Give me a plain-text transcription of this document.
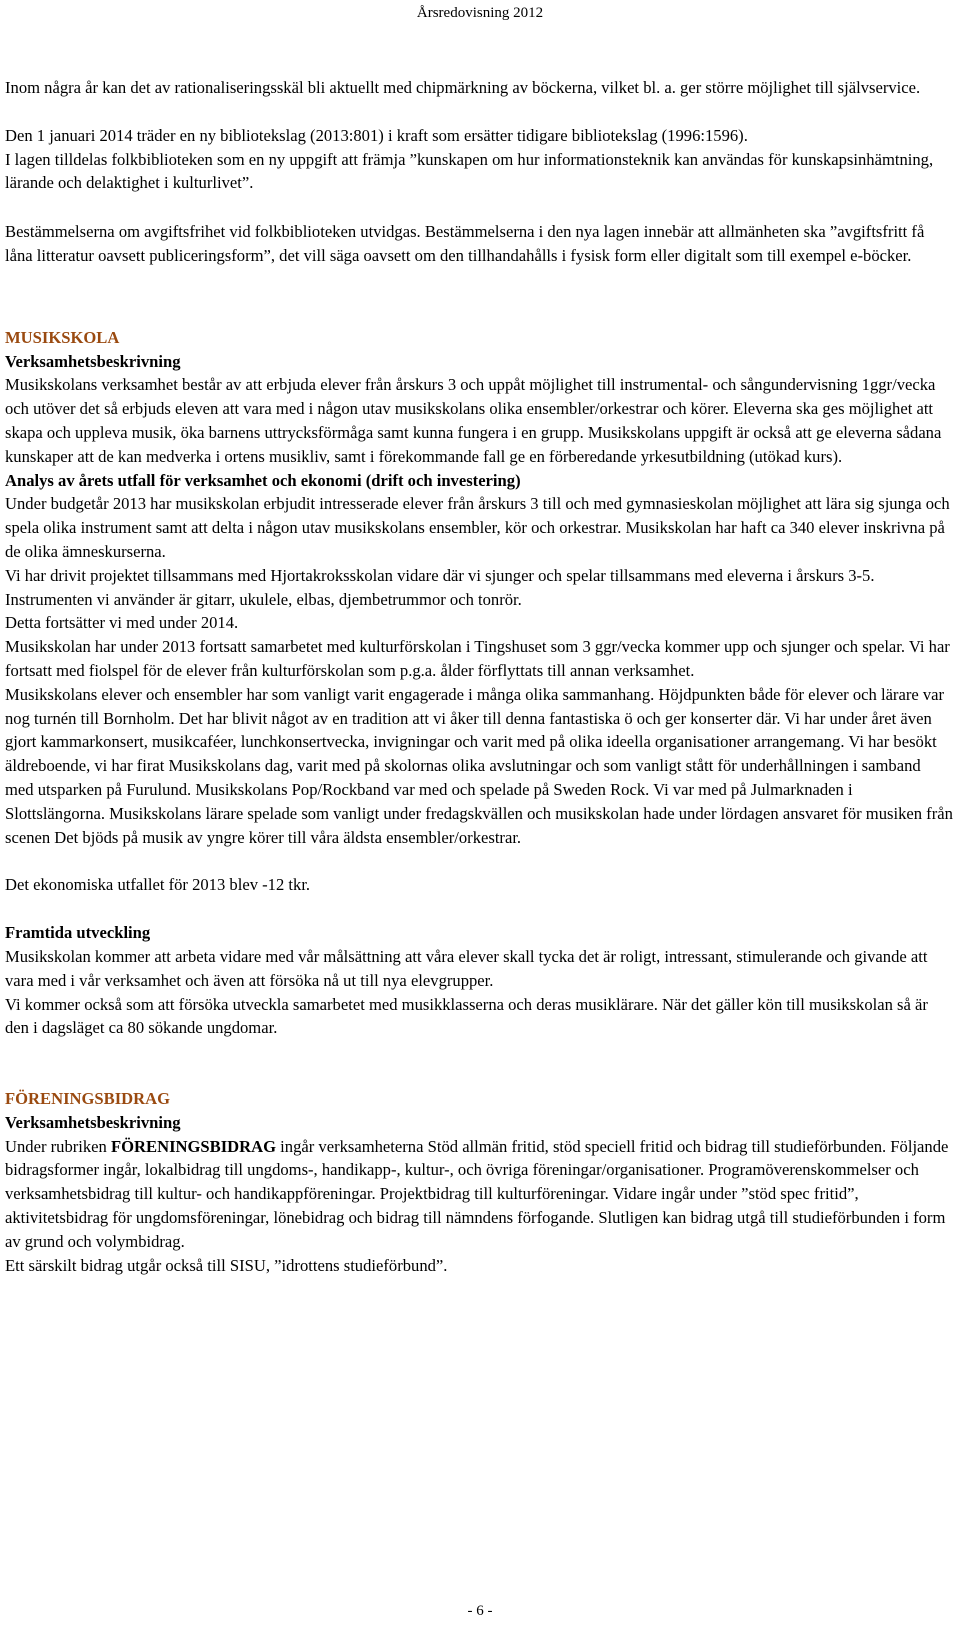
Årsredovisning 2012

Inom några år kan det av rationaliseringsskäl bli aktuellt med chipmärkning av böckerna, vilket bl. a. ger större möjlighet till självservice.

Den 1 januari 2014 träder en ny bibliotekslag (2013:801) i kraft som ersätter tidigare bibliotekslag (1996:1596).

I lagen tilldelas folkbiblioteken som en ny uppgift att främja ”kunskapen om hur informationsteknik kan användas för kunskapsinhämtning, lärande och delaktighet i kulturlivet”.

Bestämmelserna om avgiftsfrihet vid folkbiblioteken utvidgas. Bestämmelserna i den nya lagen innebär att allmänheten ska ”avgiftsfritt få låna litteratur oavsett publiceringsform”, det vill säga oavsett om den tillhandahålls i fysisk form eller digitalt som till exempel e-böcker.

MUSIKSKOLA

Verksamhetsbeskrivning

Musikskolans verksamhet består av att erbjuda elever från årskurs 3 och uppåt möjlighet till instrumental- och sångundervisning 1ggr/vecka och utöver det så erbjuds eleven att vara med i någon utav musikskolans olika ensembler/orkestrar och körer. Eleverna ska ges möjlighet att skapa och uppleva musik, öka barnens uttrycksförmåga samt kunna fungera i en grupp. Musikskolans uppgift är också att ge eleverna sådana kunskaper att de kan medverka i ortens musikliv, samt i förekommande fall ge en förberedande yrkesutbildning (utökad kurs).

Analys av årets utfall för verksamhet och ekonomi (drift och investering)

Under budgetår 2013 har musikskolan erbjudit intresserade elever från årskurs 3 till och med gymnasieskolan möjlighet att lära sig sjunga och spela olika instrument samt att delta i någon utav musikskolans ensembler, kör och orkestrar. Musikskolan har haft ca 340 elever inskrivna på de olika ämneskurserna.

Vi har drivit projektet tillsammans med Hjortakroksskolan vidare där vi sjunger och spelar tillsammans med eleverna i årskurs 3-5. Instrumenten vi använder är gitarr, ukulele, elbas, djembetrummor och tonrör.

Detta fortsätter vi med under 2014.

Musikskolan har under 2013 fortsatt samarbetet med kulturförskolan i Tingshuset som 3 ggr/vecka kommer upp och sjunger och spelar. Vi har fortsatt med fiolspel för de elever från kulturförskolan som p.g.a. ålder förflyttats till annan verksamhet.

Musikskolans elever och ensembler har som vanligt varit engagerade i många olika sammanhang. Höjdpunkten både för elever och lärare var nog turnén till Bornholm. Det har blivit något av en tradition att vi åker till denna fantastiska ö och ger konserter där. Vi har under året även gjort kammarkonsert, musikcaféer, lunchkonsertvecka, invigningar och varit med på olika ideella organisationer arrangemang. Vi har besökt äldreboende, vi har firat Musikskolans dag, varit med på skolornas olika avslutningar och som vanligt stått för underhållningen i samband med utsparken på Furulund. Musikskolans Pop/Rockband var med och spelade på Sweden Rock. Vi var med på Julmarknaden i Slottslängorna. Musikskolans lärare spelade som vanligt under fredagskvällen och musikskolan hade under lördagen ansvaret för musiken från scenen Det bjöds på musik av yngre körer till våra äldsta ensembler/orkestrar.

Det ekonomiska utfallet för 2013 blev -12 tkr.

Framtida utveckling

Musikskolan kommer att arbeta vidare med vår målsättning att våra elever skall tycka det är roligt, intressant, stimulerande och givande att vara med i vår verksamhet och även att försöka nå ut till nya elevgrupper.

Vi kommer också som att försöka utveckla samarbetet med musikklasserna och deras musiklärare. När det gäller kön till musikskolan så är den i dagsläget ca 80 sökande ungdomar.

FÖRENINGSBIDRAG

Verksamhetsbeskrivning

Under rubriken FÖRENINGSBIDRAG ingår verksamheterna Stöd allmän fritid, stöd speciell fritid och bidrag till studieförbunden. Följande bidragsformer ingår, lokalbidrag till ungdoms-, handikapp-, kultur-, och övriga föreningar/organisationer. Programöverenskommelser och verksamhetsbidrag till kultur- och handikappföreningar. Projektbidrag till kulturföreningar. Vidare ingår under ”stöd spec fritid”, aktivitetsbidrag för ungdomsföreningar, lönebidrag och bidrag till nämndens förfogande. Slutligen kan bidrag utgå till studieförbunden i form av grund och volymbidrag.

Ett särskilt bidrag utgår också till SISU, ”idrottens studieförbund”.

- 6 -
